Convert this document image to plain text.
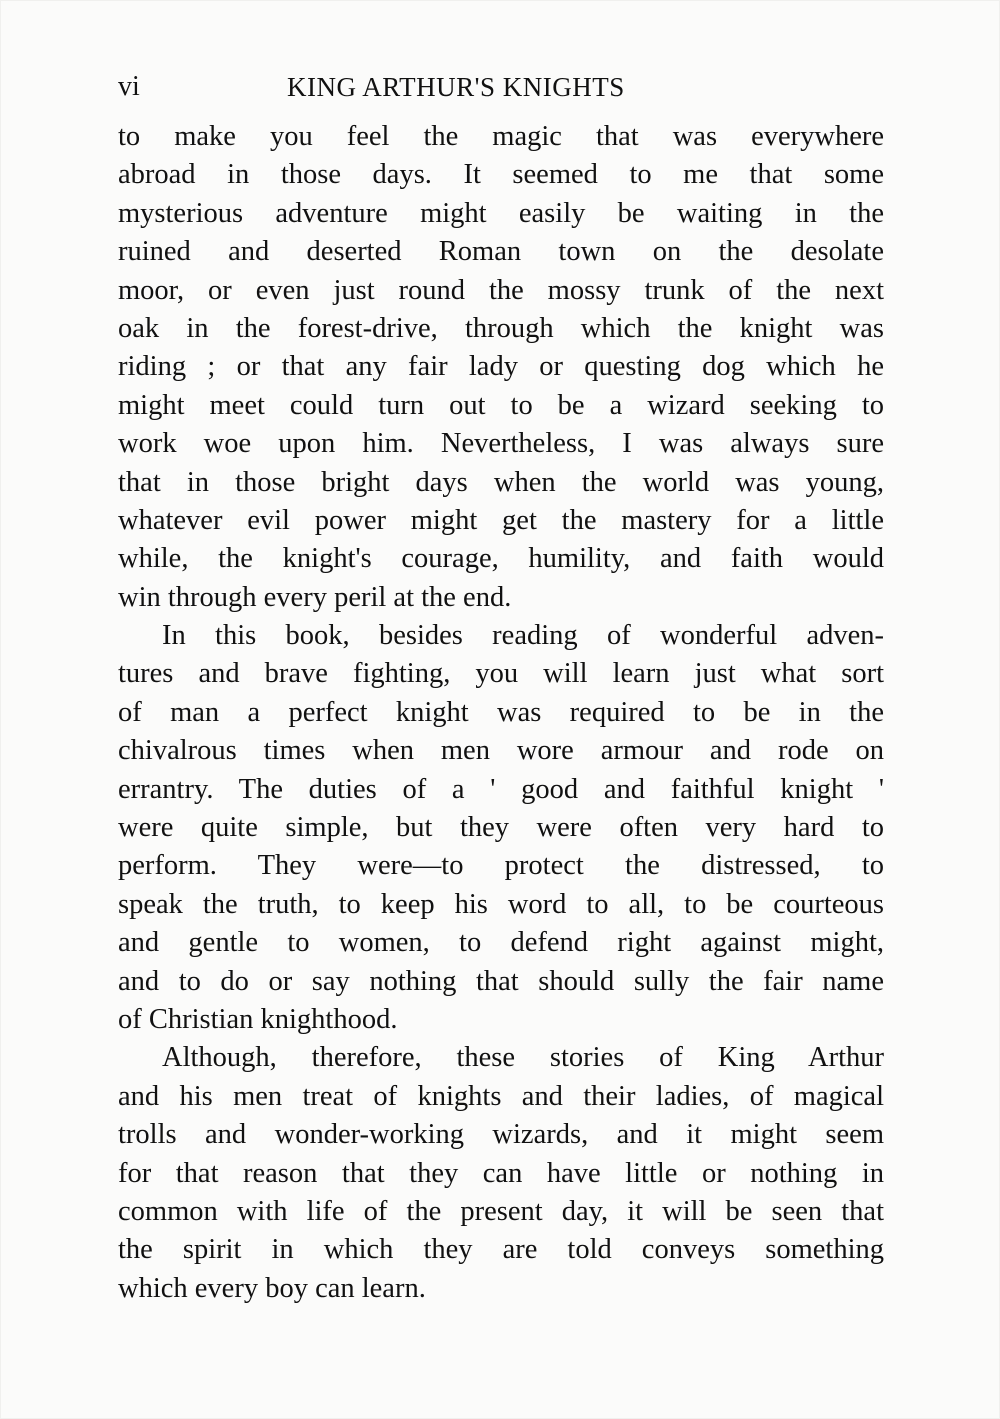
vi	KING ARTHUR'S KNIGHTS
to make you feel the magic that was everywhere
abroad in those days. It seemed to me that some
mysterious adventure might easily be waiting in the
ruined and deserted Roman town on the desolate
moor, or even just round the mossy trunk of the next
oak in the forest-drive, through which the knight was
riding ; or that any fair lady or questing dog which he
might meet could turn out to be a wizard seeking to
work woe upon him. Nevertheless, I was always sure
that in those bright days when the world was young,
whatever evil power might get the mastery for a little
while, the knight's courage, humility, and faith would
win through every peril at the end.
In this book, besides reading of wonderful adven-
tures and brave fighting, you will learn just what sort
of man a perfect knight was required to be in the
chivalrous times when men wore armour and rode on
errantry. The duties of a ' good and faithful knight '
were quite simple, but they were often very hard to
perform. They were—to protect the distressed, to
speak the truth, to keep his word to all, to be courteous
and gentle to women, to defend right against might,
and to do or say nothing that should sully the fair name
of Christian knighthood.
Although, therefore, these stories of King Arthur
and his men treat of knights and their ladies, of magical
trolls and wonder-working wizards, and it might seem
for that reason that they can have little or nothing in
common with life of the present day, it will be seen that
the spirit in which they are told conveys something
which every boy can learn.
